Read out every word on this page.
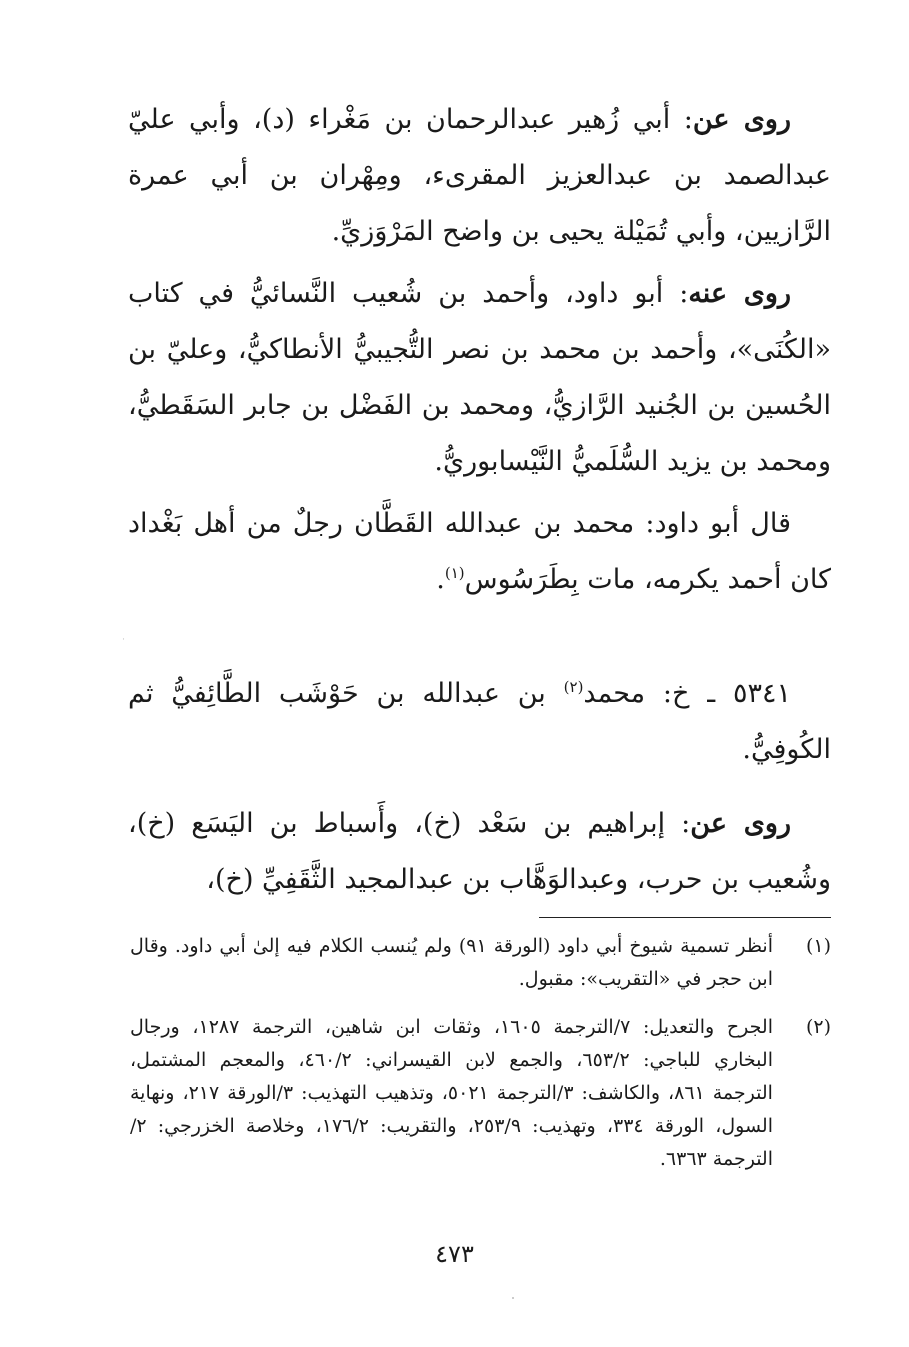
روى عن: أبي زُهير عبدالرحمان بن مَغْراء (د)، وأبي عليّ عبدالصمد بن عبدالعزيز المقرىء، ومِهْران بن أبي عمرة الرَّازيين، وأبي تُمَيْلة يحيى بن واضح المَرْوَزيِّ.

روى عنه: أبو داود، وأحمد بن شُعيب النَّسائيُّ في كتاب «الكُنَى»، وأحمد بن محمد بن نصر التُّجيبيُّ الأنطاكيُّ، وعليّ بن الحُسين بن الجُنيد الرَّازيُّ، ومحمد بن الفَضْل بن جابر السَقَطيُّ، ومحمد بن يزيد السُّلَميُّ النَّيْسابوريُّ.

قال أبو داود: محمد بن عبدالله القَطَّان رجلٌ من أهل بَغْداد كان أحمد يكرمه، مات بِطَرَسُوس$^{(١)}$.

٥٣٤١ ـ خ: محمد$^{(٢)}$ بن عبدالله بن حَوْشَب الطَّائِفيُّ ثم الكُوفِيُّ.

روى عن: إبراهيم بن سَعْد (خ)، وأَسباط بن اليَسَع (خ)، وشُعيب بن حرب، وعبدالوَهَّاب بن عبدالمجيد الثَّقَفِيِّ (خ)،

(١)
أنظر تسمية شيوخ أبي داود (الورقة ٩١) ولم يُنسب الكلام فيه إلىٰ أبي داود. وقال ابن حجر في «التقريب»: مقبول.
(٢)
الجرح والتعديل: ٧/الترجمة ١٦٠٥، وثقات ابن شاهين، الترجمة ١٢٨٧، ورجال البخاري للباجي: ٦٥٣/٢، والجمع لابن القيسراني: ٤٦٠/٢، والمعجم المشتمل، الترجمة ٨٦١، والكاشف: ٣/الترجمة ٥٠٢١، وتذهيب التهذيب: ٣/الورقة ٢١٧، ونهاية السول، الورقة ٣٣٤، وتهذيب: ٢٥٣/٩، والتقريب: ١٧٦/٢، وخلاصة الخزرجي: ٢/الترجمة ٦٣٦٣.
٤٧٣
˙
